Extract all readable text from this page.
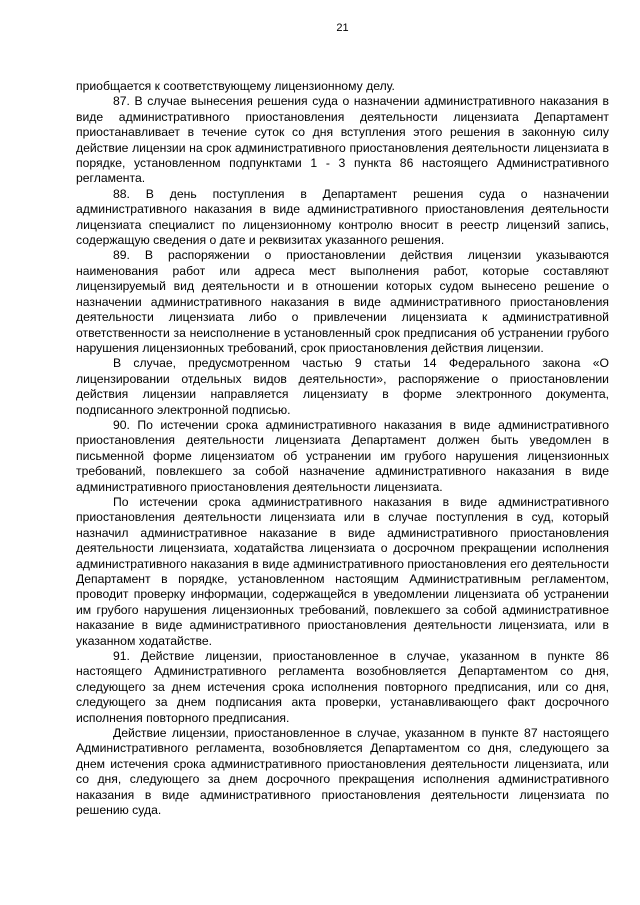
21

приобщается к соответствующему лицензионному делу.

87. В случае вынесения решения суда о назначении административного наказания в виде административного приостановления деятельности лицензиата Департамент приостанавливает в течение суток со дня вступления этого решения в законную силу действие лицензии на срок административного приостановления деятельности лицензиата в порядке, установленном подпунктами 1 - 3 пункта 86 настоящего Административного регламента.

88. В день поступления в Департамент решения суда о назначении административного наказания в виде административного приостановления деятельности лицензиата специалист по лицензионному контролю вносит в реестр лицензий запись, содержащую сведения о дате и реквизитах указанного решения.

89. В распоряжении о приостановлении действия лицензии указываются наименования работ или адреса мест выполнения работ, которые составляют лицензируемый вид деятельности и в отношении которых судом вынесено решение о назначении административного наказания в виде административного приостановления деятельности лицензиата либо о привлечении лицензиата к административной ответственности за неисполнение в установленный срок предписания об устранении грубого нарушения лицензионных требований, срок приостановления действия лицензии.

В случае, предусмотренном частью 9 статьи 14 Федерального закона «О лицензировании отдельных видов деятельности», распоряжение о приостановлении действия лицензии направляется лицензиату в форме электронного документа, подписанного электронной подписью.

90. По истечении срока административного наказания в виде административного приостановления деятельности лицензиата Департамент должен быть уведомлен в письменной форме лицензиатом об устранении им грубого нарушения лицензионных требований, повлекшего за собой назначение административного наказания в виде административного приостановления деятельности лицензиата.

По истечении срока административного наказания в виде административного приостановления деятельности лицензиата или в случае поступления в суд, который назначил административное наказание в виде административного приостановления деятельности лицензиата, ходатайства лицензиата о досрочном прекращении исполнения административного наказания в виде административного приостановления его деятельности Департамент в порядке, установленном настоящим Административным регламентом, проводит проверку информации, содержащейся в уведомлении лицензиата об устранении им грубого нарушения лицензионных требований, повлекшего за собой административное наказание в виде административного приостановления деятельности лицензиата, или в указанном ходатайстве.

91. Действие лицензии, приостановленное в случае, указанном в пункте 86 настоящего Административного регламента возобновляется Департаментом со дня, следующего за днем истечения срока исполнения повторного предписания, или со дня, следующего за днем подписания акта проверки, устанавливающего факт досрочного исполнения повторного предписания.

Действие лицензии, приостановленное в случае, указанном в пункте 87 настоящего Административного регламента, возобновляется Департаментом со дня, следующего за днем истечения срока административного приостановления деятельности лицензиата, или со дня, следующего за днем досрочного прекращения исполнения административного наказания в виде административного приостановления деятельности лицензиата по решению суда.
